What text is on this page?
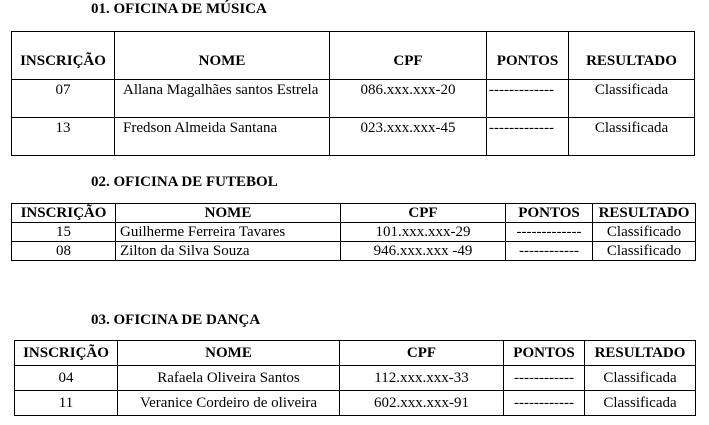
01. OFICINA DE MÚSICA
INSCRIÇÃO	NOME	CPF	PONTOS	RESULTADO
07	Allana Magalhães santos Estrela	086.xxx.xxx-20	-------------	Classificada
13	Fredson Almeida Santana	023.xxx.xxx-45	-------------	Classificada
02. OFICINA DE FUTEBOL
INSCRIÇÃO	NOME	CPF	PONTOS	RESULTADO
15	Guilherme Ferreira Tavares	101.xxx.xxx-29	-------------	Classificado
08	Zilton da Silva Souza	946.xxx.xxx -49	------------	Classificado
03. OFICINA DE DANÇA
INSCRIÇÃO	NOME	CPF	PONTOS	RESULTADO
04	Rafaela Oliveira Santos	112.xxx.xxx-33	------------	Classificada
11	Veranice Cordeiro de oliveira	602.xxx.xxx-91	------------	Classificada
